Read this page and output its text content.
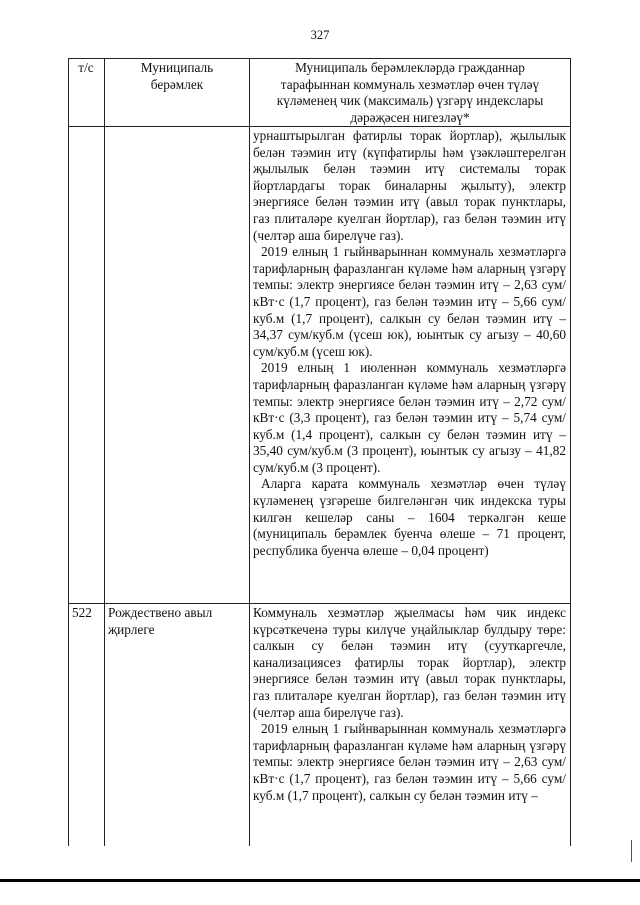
327
т/с	Муниципаль берәмлек
Муниципаль берәмлекләрдә гражданнар тарафыннан коммуналь хезмәтләр өчен түләү күләменең чик (максималь) үзгәрү индекслары дәрәҗәсен нигезләү*

урнаштырылган фатирлы торак йортлар), җылылык белән тәэмин итү (күпфатирлы һәм үзәкләштерелгән җылылык белән тәэмин итү системалы торак йортлардагы торак биналарны җылыту), электр энергиясе белән тәэмин итү (авыл торак пунктлары, газ плиталәре куелган йортлар), газ белән тәэмин итү (челтәр аша бирелүче газ).

2019 елның 1 гыйнварыннан коммуналь хезмәтләргә тарифларның фаразланган күләме һәм аларның үзгәрү темпы: электр энергиясе белән тәэмин итү – 2,63 сум/кВт·с (1,7 процент), газ белән тәэмин итү – 5,66 сум/куб.м (1,7 процент), салкын су белән тәэмин итү – 34,37 сум/куб.м (үсеш юк), юынтык су агызу – 40,60 сум/куб.м (үсеш юк).

2019 елның 1 июленнән коммуналь хезмәтләргә тарифларның фаразланган күләме һәм аларның үзгәрү темпы: электр энергиясе белән тәэмин итү – 2,72 сум/кВт·с (3,3 процент), газ белән тәэмин итү – 5,74 сум/куб.м (1,4 процент), салкын су белән тәэмин итү – 35,40 сум/куб.м (3 процент), юынтык су агызу – 41,82 сум/куб.м (3 процент).

Аларга карата коммуналь хезмәтләр өчен түләү күләменең үзгәреше билгеләнгән чик индекска туры килгән кешеләр саны – 1604 теркәлгән кеше (муниципаль берәмлек буенча өлеше – 71 процент, республика буенча өлеше – 0,04 процент)

522	Рождествено авыл җирлеге

Коммуналь хезмәтләр җыелмасы һәм чик индекс күрсәткеченә туры килүче уңайлыклар булдыру төре: салкын су белән тәэмин итү (сууткаргечле, канализациясез фатирлы торак йортлар), электр энергиясе белән тәэмин итү (авыл торак пунктлары, газ плиталәре куелган йортлар), газ белән тәэмин итү (челтәр аша бирелүче газ).

2019 елның 1 гыйнварыннан коммуналь хезмәтләргә тарифларның фаразланган күләме һәм аларның үзгәрү темпы: электр энергиясе белән тәэмин итү – 2,63 сум/кВт·с (1,7 процент), газ белән тәэмин итү – 5,66 сум/куб.м (1,7 процент), салкын су белән тәэмин итү –
